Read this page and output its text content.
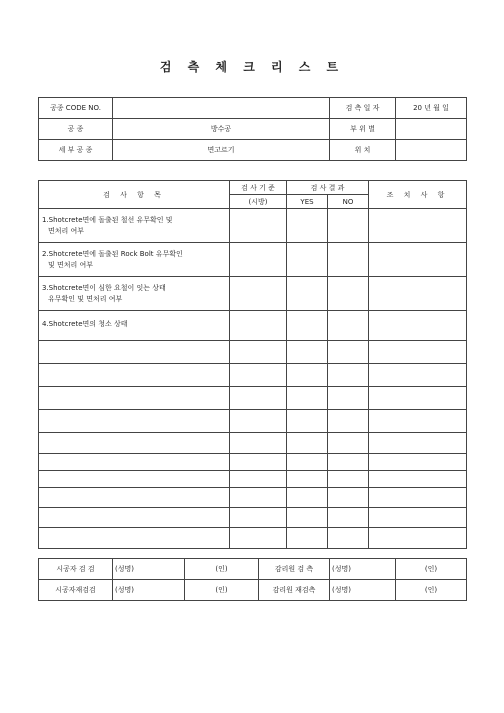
검 측 체 크 리 스 트
공종 CODE NO.		검 측 일 자	20 년 월 일
공 종	방수공	부 위 별	
세 부 공 종	면고르기	위 치	
검 사 항 목	검 사 기 준	검 사 결 과		조 치 사 항
	(시방)	YES	NO	

1.Shotcrete면에 돌출된 철선 유무확인 및
면처리 여부				

2.Shotcrete면에 돌출된 Rock Bolt 유무확인
및 면처리 여부				

3.Shotcrete면이 심한 요철이 잇는 상태
유무확인 및 면처리 여부				

4.Shotcrete면의 청소 상태				

시공자 검 검	(성명)	(인)	감리원 검 측	(성명)	(인)
시공자재검검	(성명)	(인)	감리원 재검측	(성명)	(인)
